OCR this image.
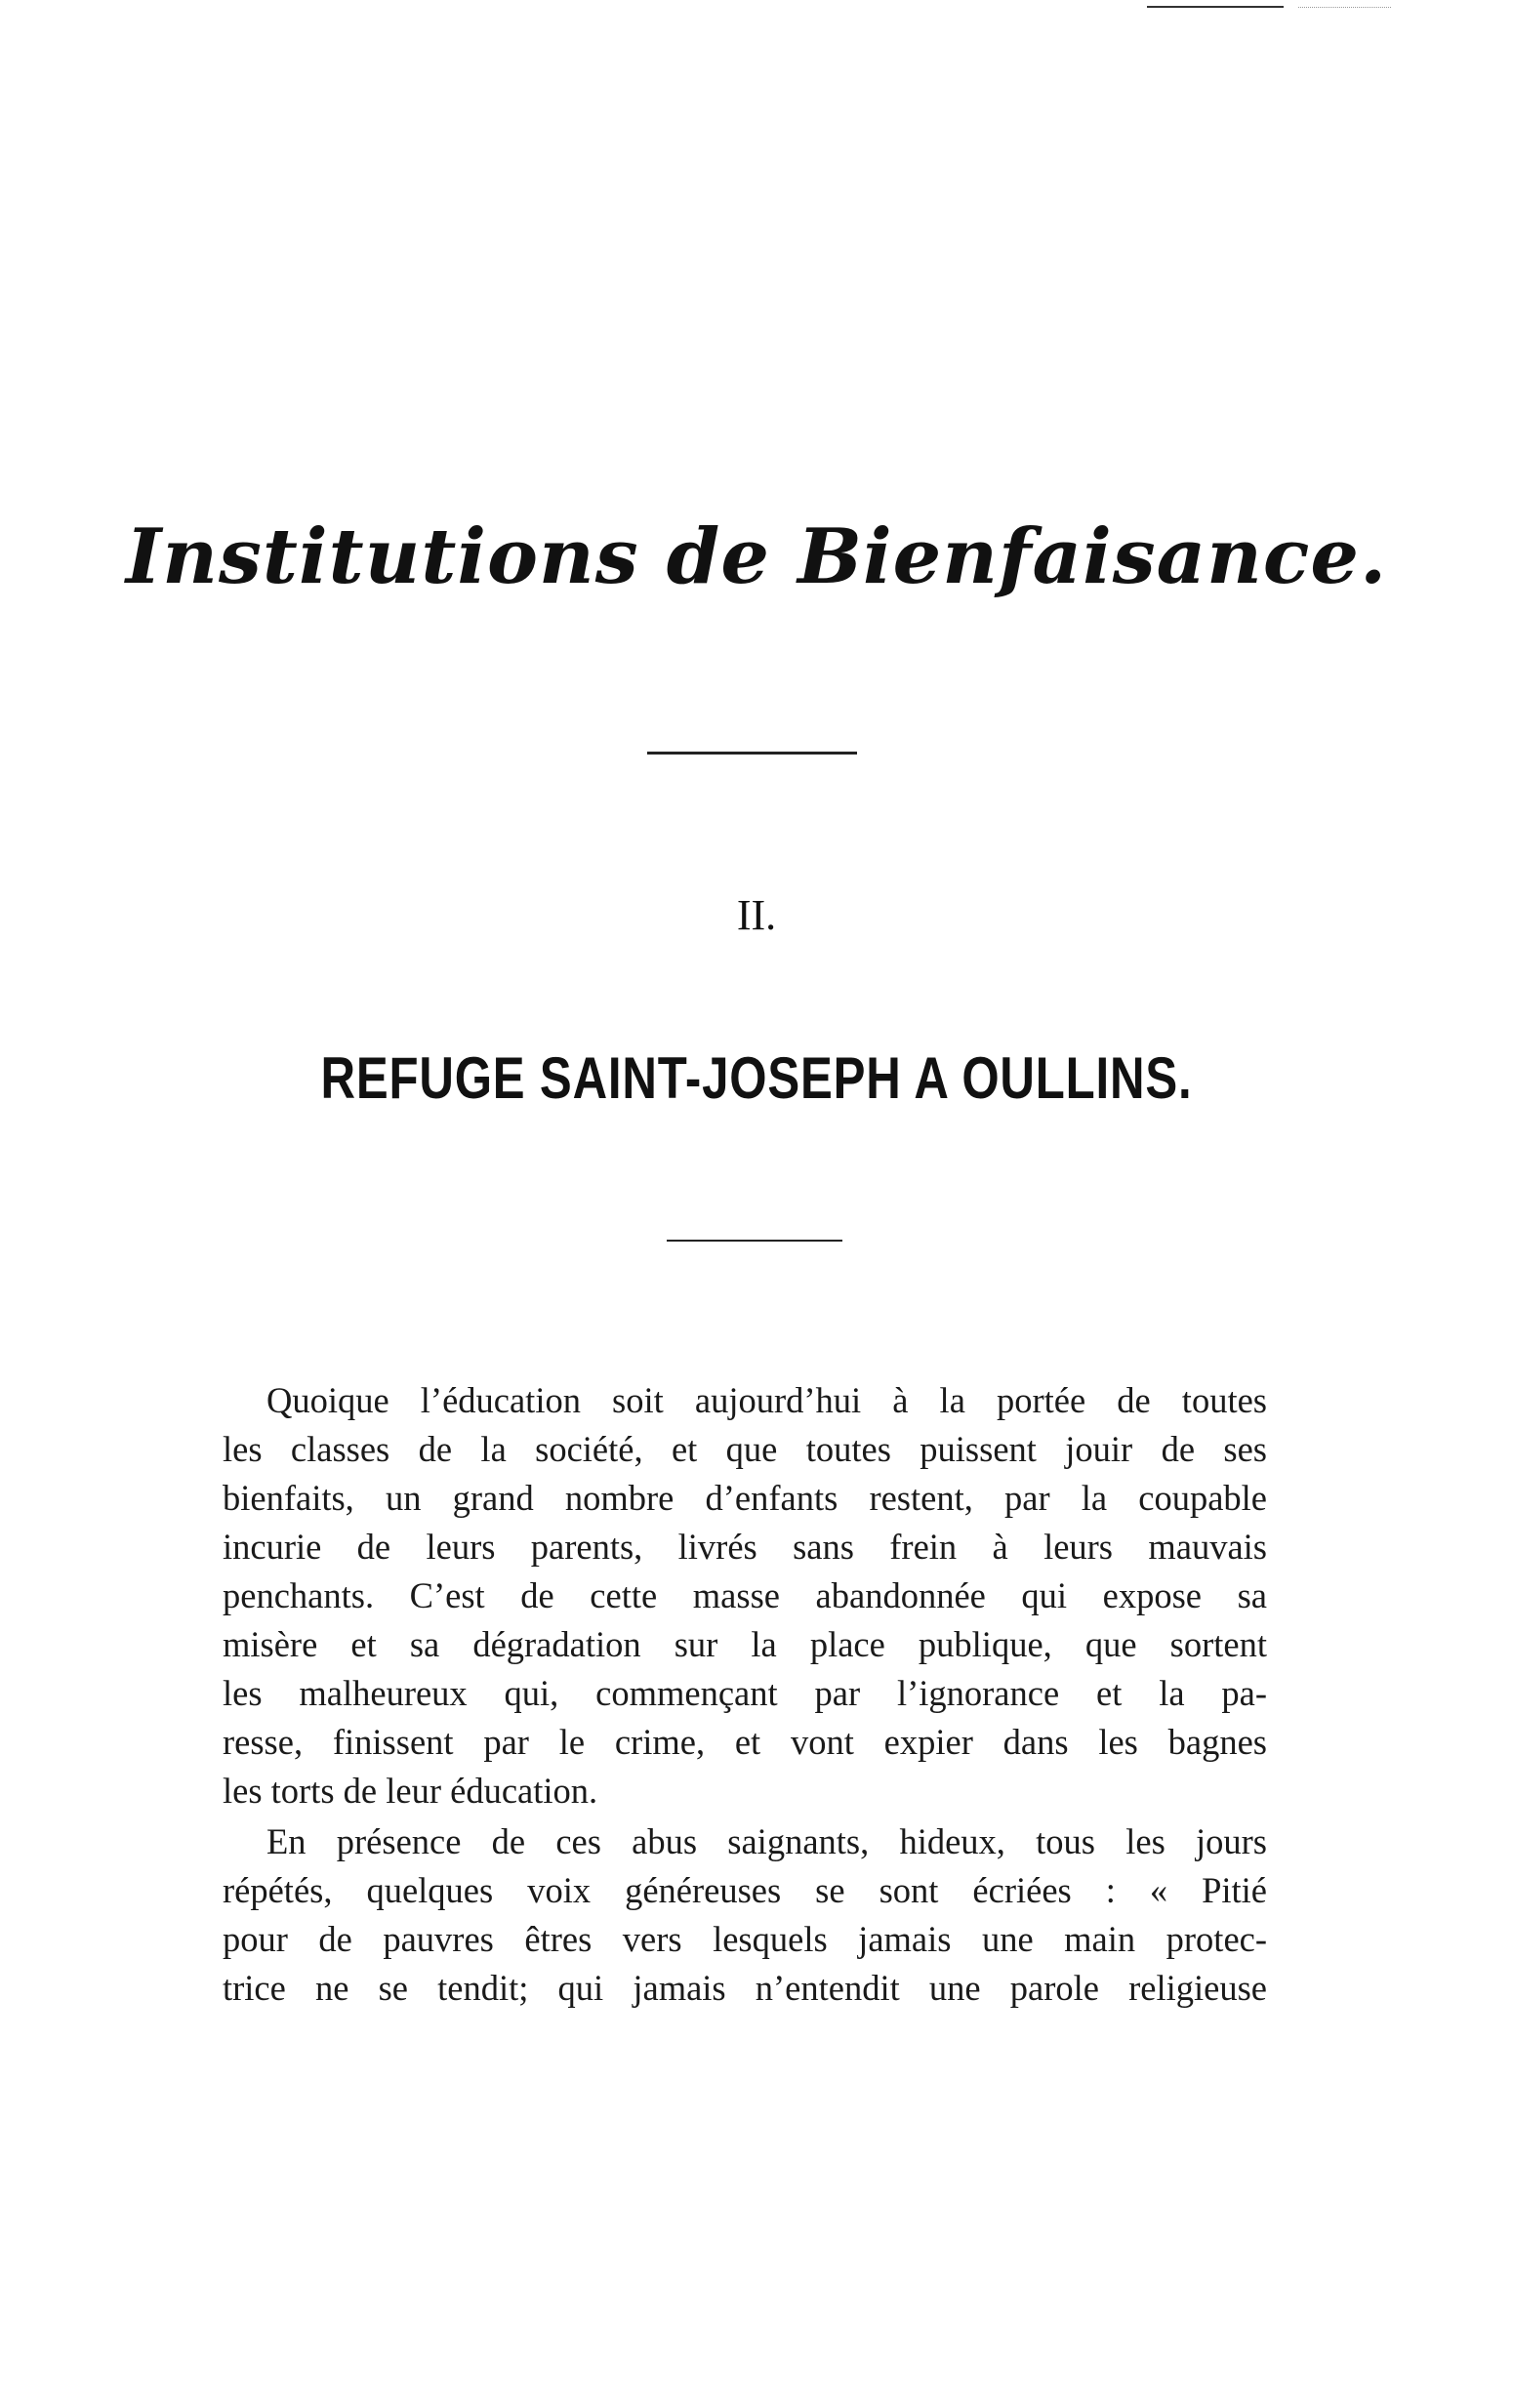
Institutions de Bienfaisance.
II.
REFUGE SAINT-JOSEPH A OULLINS.
Quoique l’éducation soit aujourd’hui à la portée de toutes
les classes de la société, et que toutes puissent jouir de ses
bienfaits, un grand nombre d’enfants restent, par la coupable
incurie de leurs parents, livrés sans frein à leurs mauvais
penchants. C’est de cette masse abandonnée qui expose sa
misère et sa dégradation sur la place publique, que sortent
les malheureux qui, commençant par l’ignorance et la pa-
resse, finissent par le crime, et vont expier dans les bagnes
les torts de leur éducation.
En présence de ces abus saignants, hideux, tous les jours
répétés, quelques voix généreuses se sont écriées : « Pitié
pour de pauvres êtres vers lesquels jamais une main protec-
trice ne se tendit; qui jamais n’entendit une parole religieuse
